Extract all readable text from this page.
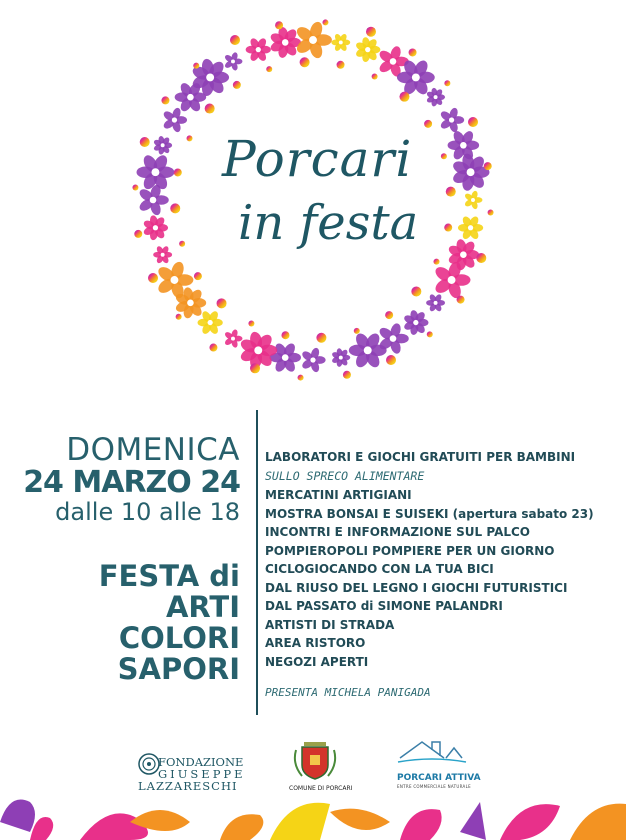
Porcari
in festa
DOMENICA
24 MARZO 24
dalle 10 alle 18
FESTA di
ARTI
COLORI
SAPORI
LABORATORI E GIOCHI GRATUITI PER BAMBINI
SULLO SPRECO ALIMENTARE
MERCATINI ARTIGIANI
MOSTRA BONSAI E SUISEKI (apertura sabato 23)
INCONTRI E INFORMAZIONE SUL PALCO
POMPIEROPOLI POMPIERE PER UN GIORNO
CICLOGIOCANDO CON LA TUA BICI
DAL RIUSO DEL LEGNO I GIOCHI FUTURISTICI
DAL PASSATO di SIMONE PALANDRI
ARTISTI DI STRADA
AREA RISTORO
NEGOZI APERTI
PRESENTA MICHELA PANIGADA
FONDAZIONE
GIUSEPPE
LAZZARESCHI	COMUNE DI PORCARI
PORCARI ATTIVA
ENTRE COMMERCIALE NATURALE
